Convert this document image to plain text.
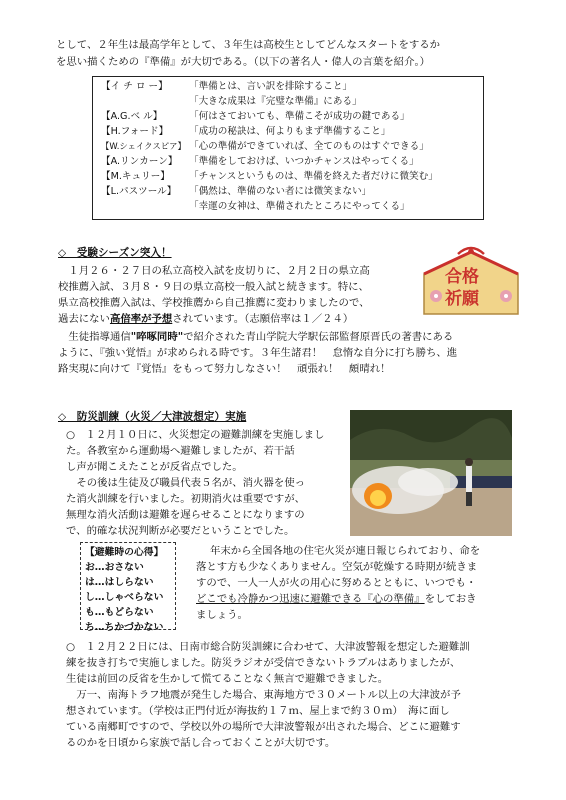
として、２年生は最高学年として、３年生は高校生としてどんなスタートをするか
を思い描くための『準備』が大切である。（以下の著名人・偉人の言葉を紹介。）
【イ チ ロ ー】 「準備とは、言い訳を排除すること」
「大きな成果は『完璧な準備』にある」
【A.G.ベ ル】	「何はさておいても、準備こそが成功の鍵である」
【H.フォード】 「成功の秘訣は、何よりもまず準備すること」
【W.シェイクスピア】 「心の準備ができていれば、全てのものはすぐできる」
【A.リンカーン】 「準備をしておけば、いつかチャンスはやってくる」
【M.キュリー】 「チャンスというものは、準備を終えた者だけに微笑む」
【L.パスツール】 「偶然は、準備のない者には微笑まない」
「幸運の女神は、準備されたところにやってくる」
◇　受験シーズン突入！
　１月２６・２７日の私立高校入試を皮切りに、２月２日の県立高
校推薦入試、３月８・９日の県立高校一般入試と続きます。特に、
県立高校推薦入試は、学校推薦から自己推薦に変わりましたので、
過去にない高倍率が予想されています。（志願倍率は１／２４）
　生徒指導通信"啐啄同時"で紹介された青山学院大学駅伝部監督原晋氏の著書にある
ように、『強い覚悟』が求められる時です。３年生諸君！　怠惰な自分に打ち勝ち、進
路実現に向けて『覚悟』をもって努力しなさい！　頑張れ！　頗晴れ！
合格
祈願
◇　防災訓練（火災／大津波想定）実施
○　１２月１０日に、火災想定の避難訓練を実施しまし
た。各教室から運動場へ避難しましたが、若干話
し声が聞こえたことが反省点でした。
　その後は生徒及び職員代表５名が、消火器を使っ
た消火訓練を行いました。初期消火は重要ですが、
無理な消火活動は避難を遅らせることになりますの
で、的確な状況判断が必要だということでした。
【避難時の心得】
お…おさない
は…はしらない
し…しゃべらない
も…もどらない
ち…ちかづかない
年末から全国各地の住宅火災が連日報じられており、命を
落とす方も少なくありません。空気が乾燥する時期が続きま
すので、一人一人が火の用心に努めるとともに、いつでも・
どこでも冷静かつ迅速に避難できる『心の準備』をしておき
ましょう。
○　１２月２２日には、日南市総合防災訓練に合わせて、大津波警報を想定した避難訓
練を抜き打ちで実施しました。防災ラジオが受信できないトラブルはありましたが、
生徒は前回の反省を生かして慌てることなく無言で避難できました。
　万一、南海トラフ地震が発生した場合、東海地方で３０メートル以上の大津波が予
想されています。（学校は正門付近が海抜約１７ｍ、屋上まで約３０ｍ）　海に面し
ている南郷町ですので、学校以外の場所で大津波警報が出された場合、どこに避難す
るのかを日頃から家族で話し合っておくことが大切です。
